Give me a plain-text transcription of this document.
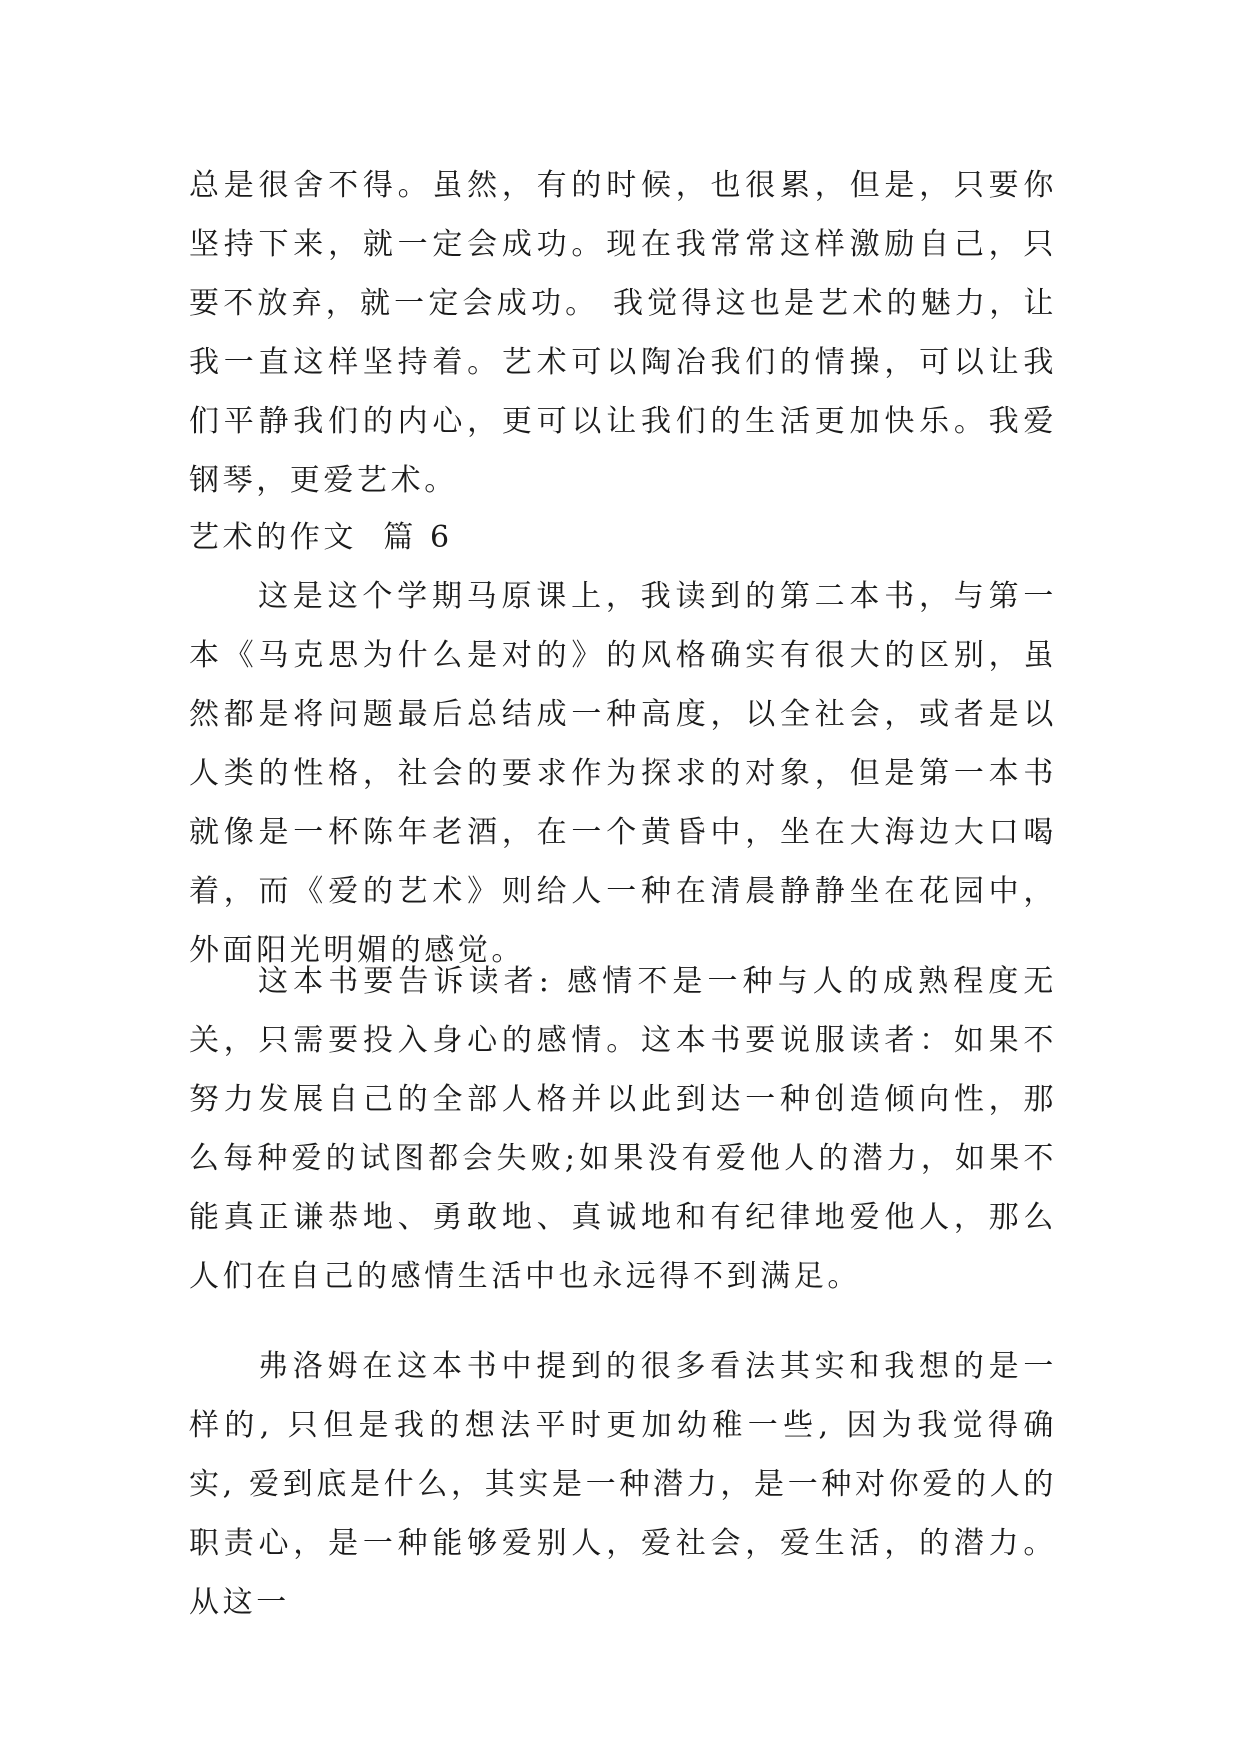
总是很舍不得。虽然，有的时候，也很累，但是，只要你坚持下来，就一定会成功。现在我常常这样激励自己，只要不放弃，就一定会成功。 我觉得这也是艺术的魅力，让我一直这样坚持着。艺术可以陶冶我们的情操，可以让我们平静我们的内心，更可以让我们的生活更加快乐。我爱钢琴，更爱艺术。

艺术的作文  篇 6

这是这个学期马原课上，我读到的第二本书，与第一本《马克思为什么是对的》的风格确实有很大的区别，虽然都是将问题最后总结成一种高度，以全社会，或者是以人类的性格，社会的要求作为探求的对象，但是第一本书就像是一杯陈年老酒，在一个黄昏中，坐在大海边大口喝着，而《爱的艺术》则给人一种在清晨静静坐在花园中，外面阳光明媚的感觉。

这本书要告诉读者: 感情不是一种与人的成熟程度无关，只需要投入身心的感情。这本书要说服读者：如果不努力发展自己的全部人格并以此到达一种创造倾向性，那么每种爱的试图都会失败;如果没有爱他人的潜力，如果不能真正谦恭地、勇敢地、真诚地和有纪律地爱他人，那么人们在自己的感情生活中也永远得不到满足。

弗洛姆在这本书中提到的很多看法其实和我想的是一样的, 只但是我的想法平时更加幼稚一些, 因为我觉得确实, 爱到底是什么，其实是一种潜力，是一种对你爱的人的职责心，是一种能够爱别人，爱社会，爱生活，的潜力。从这一
